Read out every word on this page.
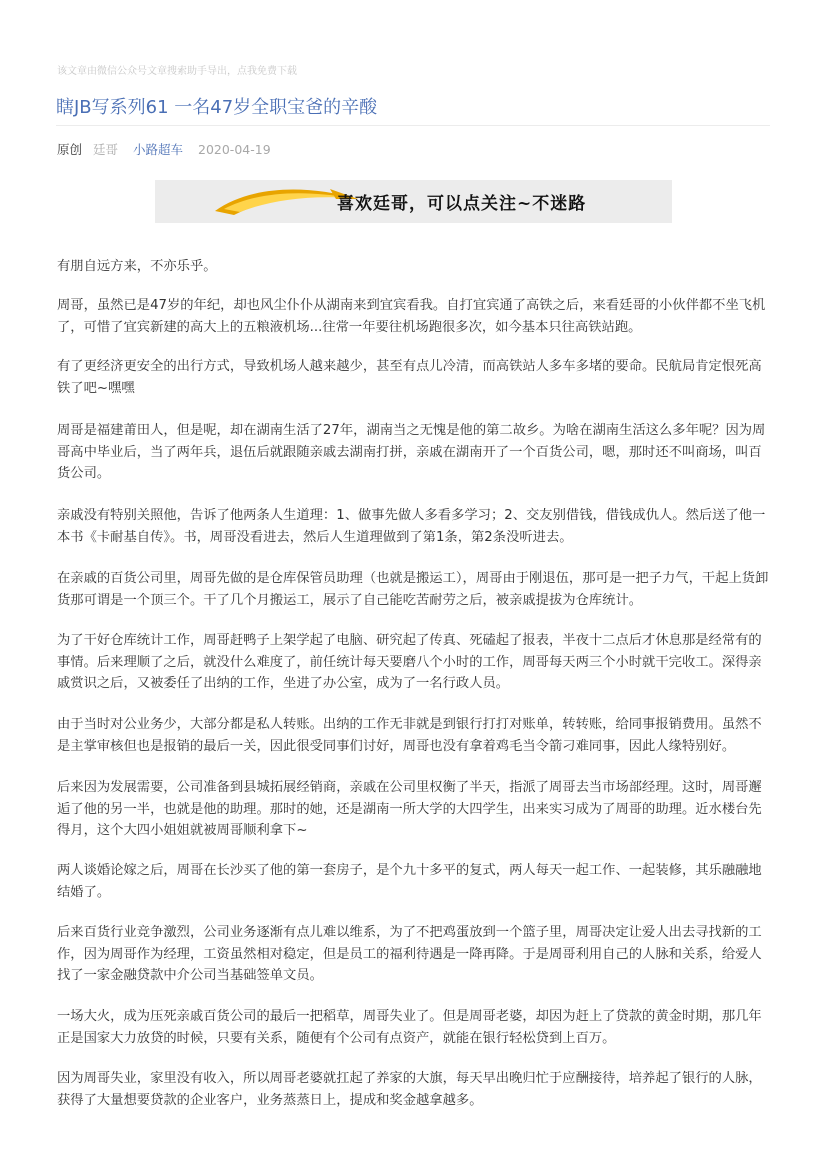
该文章由微信公众号文章搜索助手导出，点我免费下载
瞎JB写系列61 一名47岁全职宝爸的辛酸
原创 廷哥 小路超车 2020-04-19
喜欢廷哥，可以点关注~不迷路

有朋自远方来，不亦乐乎。

周哥，虽然已是47岁的年纪，却也风尘仆仆从湖南来到宜宾看我。自打宜宾通了高铁之后，来看廷哥的小伙伴都不坐飞机了，可惜了宜宾新建的高大上的五粮液机场...往常一年要往机场跑很多次，如今基本只往高铁站跑。

有了更经济更安全的出行方式，导致机场人越来越少，甚至有点儿冷清，而高铁站人多车多堵的要命。民航局肯定恨死高铁了吧~嘿嘿

周哥是福建莆田人，但是呢，却在湖南生活了27年，湖南当之无愧是他的第二故乡。为啥在湖南生活这么多年呢？因为周哥高中毕业后，当了两年兵，退伍后就跟随亲戚去湖南打拼，亲戚在湖南开了一个百货公司，嗯，那时还不叫商场，叫百货公司。

亲戚没有特别关照他，告诉了他两条人生道理：1、做事先做人多看多学习；2、交友别借钱，借钱成仇人。然后送了他一本书《卡耐基自传》。书，周哥没看进去，然后人生道理做到了第1条，第2条没听进去。

在亲戚的百货公司里，周哥先做的是仓库保管员助理（也就是搬运工），周哥由于刚退伍，那可是一把子力气，干起上货卸货那可谓是一个顶三个。干了几个月搬运工，展示了自己能吃苦耐劳之后，被亲戚提拔为仓库统计。

为了干好仓库统计工作，周哥赶鸭子上架学起了电脑、研究起了传真、死磕起了报表，半夜十二点后才休息那是经常有的事情。后来理顺了之后，就没什么难度了，前任统计每天要磨八个小时的工作，周哥每天两三个小时就干完收工。深得亲戚赏识之后，又被委任了出纳的工作，坐进了办公室，成为了一名行政人员。

由于当时对公业务少，大部分都是私人转账。出纳的工作无非就是到银行打打对账单，转转账，给同事报销费用。虽然不是主掌审核但也是报销的最后一关，因此很受同事们讨好，周哥也没有拿着鸡毛当令箭刁难同事，因此人缘特别好。

后来因为发展需要，公司准备到县城拓展经销商，亲戚在公司里权衡了半天，指派了周哥去当市场部经理。这时，周哥邂逅了他的另一半，也就是他的助理。那时的她，还是湖南一所大学的大四学生，出来实习成为了周哥的助理。近水楼台先得月，这个大四小姐姐就被周哥顺利拿下~

两人谈婚论嫁之后，周哥在长沙买了他的第一套房子，是个九十多平的复式，两人每天一起工作、一起装修，其乐融融地结婚了。

后来百货行业竞争激烈，公司业务逐渐有点儿难以维系，为了不把鸡蛋放到一个篮子里，周哥决定让爱人出去寻找新的工作，因为周哥作为经理，工资虽然相对稳定，但是员工的福利待遇是一降再降。于是周哥利用自己的人脉和关系，给爱人找了一家金融贷款中介公司当基础签单文员。

一场大火，成为压死亲戚百货公司的最后一把稻草，周哥失业了。但是周哥老婆，却因为赶上了贷款的黄金时期，那几年正是国家大力放贷的时候，只要有关系，随便有个公司有点资产，就能在银行轻松贷到上百万。

因为周哥失业，家里没有收入，所以周哥老婆就扛起了养家的大旗，每天早出晚归忙于应酬接待，培养起了银行的人脉，获得了大量想要贷款的企业客户，业务蒸蒸日上，提成和奖金越拿越多。
